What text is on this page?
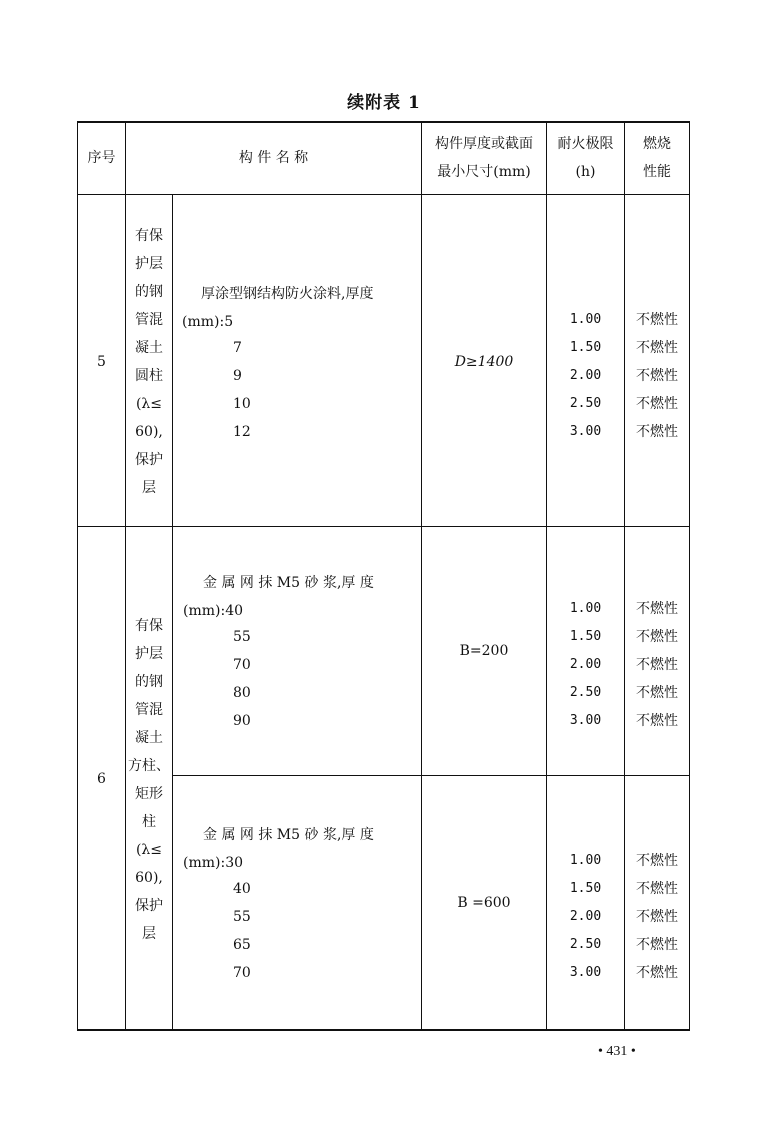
续附表 1
序号	构 件 名 称
构件厚度或截面
最小尺寸(mm)
耐火极限
(h)
燃烧
性能
5
有保
护层
的钢
管混
凝土
圆柱
(λ≤
60),
保护
层
厚涂型钢结构防火涂料,厚度
(mm):5
7
9
10
12
D≥1400
1.00
1.50
2.00
2.50
3.00
不燃性
不燃性
不燃性
不燃性
不燃性
6
有保
护层
的钢
管混
凝土
方柱、
矩形
柱
(λ≤
60),
保护
层
金 属 网 抹 M5 砂 浆,厚 度
(mm):40
55
70
80
90
B=200
1.00
1.50
2.00
2.50
3.00
不燃性
不燃性
不燃性
不燃性
不燃性
金 属 网 抹 M5 砂 浆,厚 度
(mm):30
40
55
65
70
B =600
1.00
1.50
2.00
2.50
3.00
不燃性
不燃性
不燃性
不燃性
不燃性
• 431 •
